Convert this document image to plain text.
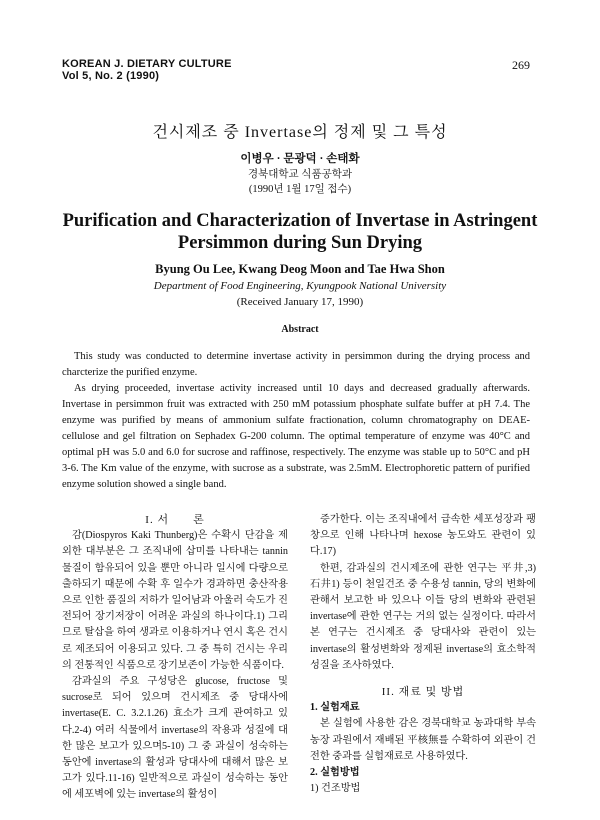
KOREAN J. DIETARY CULTURE
Vol 5, No. 2 (1990)
269
건시제조 중 Invertase의 정제 및 그 특성
이병우 · 문광덕 · 손태화
경북대학교 식품공학과
(1990년 1월 17일 접수)
Purification and Characterization of Invertase in Astringent
Persimmon during Sun Drying
Byung Ou Lee, Kwang Deog Moon and Tae Hwa Shon
Department of Food Engineering, Kyungpook National University
(Received January 17, 1990)
Abstract

This study was conducted to determine invertase activity in persimmon during the drying process and charcterize the purified enzyme.

As drying proceeded, invertase activity increased until 10 days and decreased gradually afterwards. Invertase in persimmon fruit was extracted with 250 mM potassium phosphate sulfate buffer at pH 7.4. The enzyme was purified by means of ammonium sulfate fractionation, column chromatography on DEAE-cellulose and gel filtration on Sephadex G-200 column. The optimal temperature of enzyme was 40°C and optimal pH was 5.0 and 6.0 for sucrose and raffinose, respectively. The enzyme was stable up to 50°C and pH 3-6. The Km value of the enzyme, with sucrose as a substrate, was 2.5mM. Electrophoretic pattern of purified enzyme solution showed a single band.

I. 서　　론

감(Diospyros Kaki Thunberg)은 수확시 단감을 제외한 대부분은 그 조직내에 삽미를 나타내는 tannin 물질이 함유되어 있을 뿐만 아니라 일시에 다량으로 출하되기 때문에 수확 후 일수가 경과하면 충산작용으로 인한 품질의 저하가 일어남과 아울러 숙도가 진전되어 장기저장이 어려운 과실의 하나이다.1) 그리므로 탈삽을 하여 생과로 이용하거나 연시 혹은 건시로 제조되어 이용되고 있다. 그 중 특히 건시는 우리의 전통적인 식품으로 장기보존이 가능한 식품이다.

감과실의 주요 구성당은 glucose, fructose 및 sucrose로 되어 있으며 건시제조 중 당대사에 invertase(E. C. 3.2.1.26) 효소가 크게 관여하고 있다.2-4) 여러 식물에서 invertase의 작용과 성질에 대한 많은 보고가 있으며5-10) 그 중 과실이 성숙하는 동안에 invertase의 활성과 당대사에 대해서 많은 보고가 있다.11-16) 일반적으로 과실이 성숙하는 동안에 세포벽에 있는 invertase의 활성이

증가한다. 이는 조직내에서 급속한 세포성장과 팽창으로 인해 나타나며 hexose 농도와도 관련이 있다.17)

한편, 감과실의 건시제조에 관한 연구는 平井,3) 石井1) 등이 천일건조 중 수용성 tannin, 당의 변화에 관해서 보고한 바 있으나 이들 당의 변화와 관련된 invertase에 관한 연구는 거의 없는 실정이다. 따라서 본 연구는 건시제조 중 당대사와 관련이 있는 invertase의 활성변화와 정제된 invertase의 효소학적 성질을 조사하였다.

II. 재료 및 방법

1. 실험재료

본 실험에 사용한 감은 경북대학교 농과대학 부속농장 과원에서 재배된 平核無를 수확하여 외관이 건전한 중과를 실험재료로 사용하였다.

2. 실험방법

1) 건조방법
